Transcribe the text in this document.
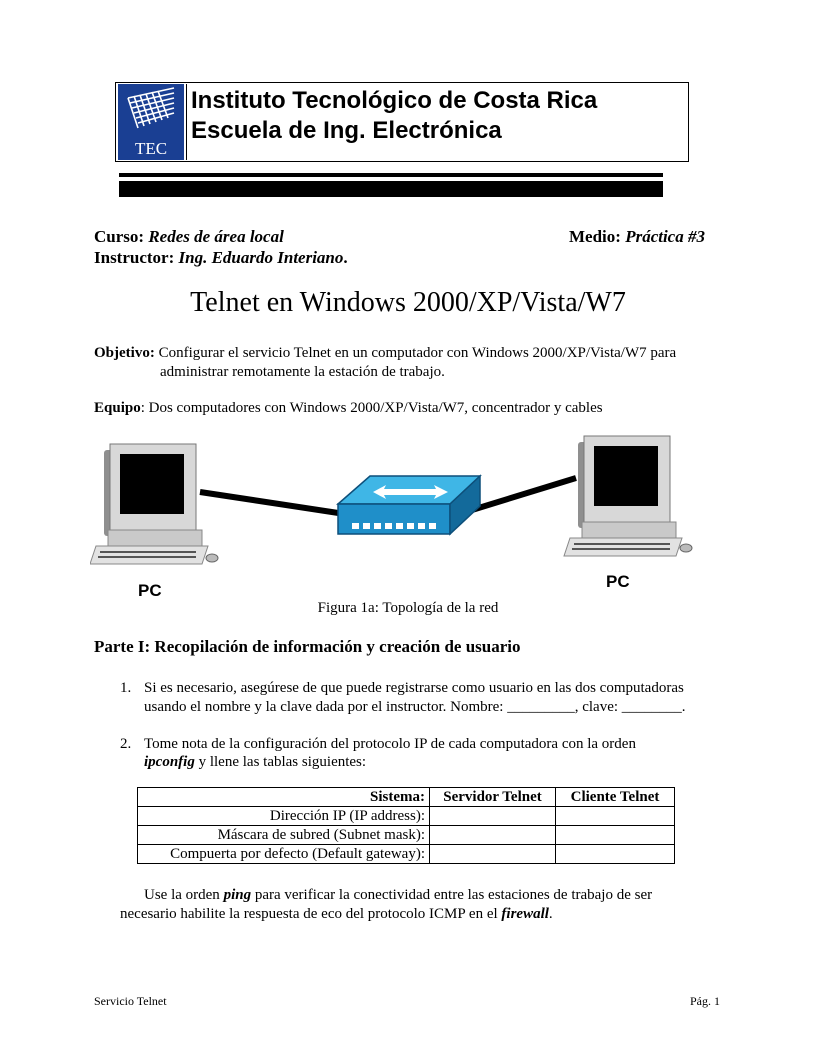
TEC
Instituto Tecnológico de Costa Rica
Escuela de Ing. Electrónica
Curso: Redes de área local	Medio: Práctica #3
Instructor: Ing. Eduardo Interiano.
Telnet en Windows 2000/XP/Vista/W7
Objetivo: Configurar el servicio Telnet en un computador con Windows 2000/XP/Vista/W7 para
administrar remotamente la estación de trabajo.
Equipo: Dos computadores con Windows 2000/XP/Vista/W7, concentrador y cables
PC	PC
Figura 1a: Topología de la red
Parte I: Recopilación de información y creación de usuario
1. Si es necesario, asegúrese de que puede registrarse como usuario en las dos computadoras
usando el nombre y la clave dada por el instructor. Nombre: _________, clave: ________.
2. Tome nota de la configuración del protocolo IP de cada computadora con la orden
ipconfig y llene las tablas siguientes:
Sistema:	Servidor Telnet	Cliente Telnet
Dirección IP (IP address):		
Máscara de subred (Subnet mask):		
Compuerta por defecto (Default gateway):		
Use la orden ping para verificar la conectividad entre las estaciones de trabajo de ser
necesario habilite la respuesta de eco del protocolo ICMP en el firewall.
Servicio Telnet	Pág. 1
